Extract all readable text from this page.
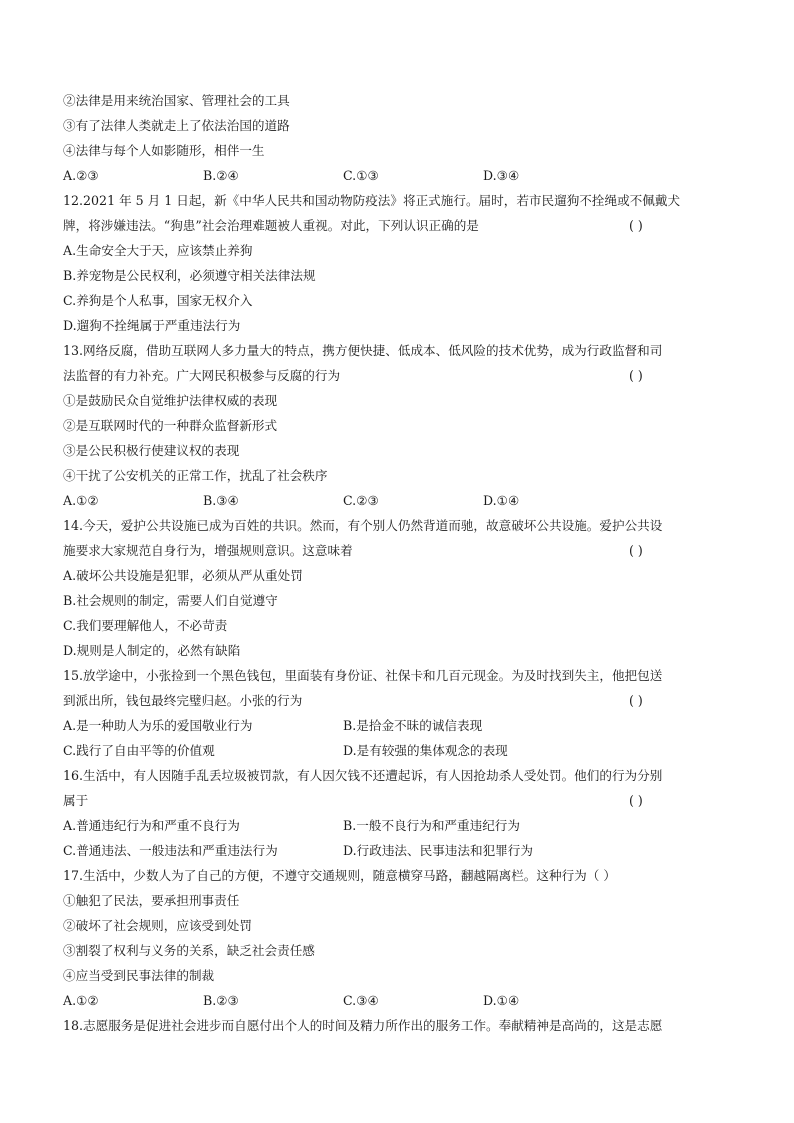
②法律是用来统治国家、管理社会的工具
③有了法律人类就走上了依法治国的道路
④法律与每个人如影随形，相伴一生
A.②③	B.②④	C.①③	D.③④
12.2021 年 5 月 1 日起，新《中华人民共和国动物防疫法》将正式施行。届时，若市民遛狗不拴绳或不佩戴犬
牌，将涉嫌违法。“狗患”社会治理难题被人重视。对此，下列认识正确的是	( )
A.生命安全大于天，应该禁止养狗
B.养宠物是公民权利，必须遵守相关法律法规
C.养狗是个人私事，国家无权介入
D.遛狗不拴绳属于严重违法行为
13.网络反腐，借助互联网人多力量大的特点，携方便快捷、低成本、低风险的技术优势，成为行政监督和司
法监督的有力补充。广大网民积极参与反腐的行为	( )
①是鼓励民众自觉维护法律权威的表现
②是互联网时代的一种群众监督新形式
③是公民积极行使建议权的表现
④干扰了公安机关的正常工作，扰乱了社会秩序
A.①②	B.③④	C.②③	D.①④
14.今天，爱护公共设施已成为百姓的共识。然而，有个别人仍然背道而驰，故意破坏公共设施。爱护公共设
施要求大家规范自身行为，增强规则意识。这意味着	( )
A.破坏公共设施是犯罪，必须从严从重处罚
B.社会规则的制定，需要人们自觉遵守
C.我们要理解他人，不必苛责
D.规则是人制定的，必然有缺陷
15.放学途中，小张捡到一个黑色钱包，里面装有身份证、社保卡和几百元现金。为及时找到失主，他把包送
到派出所，钱包最终完璧归赵。小张的行为	( )
A.是一种助人为乐的爱国敬业行为	B.是拾金不昧的诚信表现
C.践行了自由平等的价值观	D.是有较强的集体观念的表现
16.生活中，有人因随手乱丢垃圾被罚款，有人因欠钱不还遭起诉，有人因抢劫杀人受处罚。他们的行为分别
属于	( )
A.普通违纪行为和严重不良行为	B.一般不良行为和严重违纪行为
C.普通违法、一般违法和严重违法行为	D.行政违法、民事违法和犯罪行为
17.生活中，少数人为了自己的方便，不遵守交通规则，随意横穿马路，翻越隔离栏。这种行为（ ）
①触犯了民法，要承担刑事责任
②破坏了社会规则，应该受到处罚
③割裂了权利与义务的关系，缺乏社会责任感
④应当受到民事法律的制裁
A.①②	B.②③	C.③④	D.①④
18.志愿服务是促进社会进步而自愿付出个人的时间及精力所作出的服务工作。奉献精神是高尚的，这是志愿
